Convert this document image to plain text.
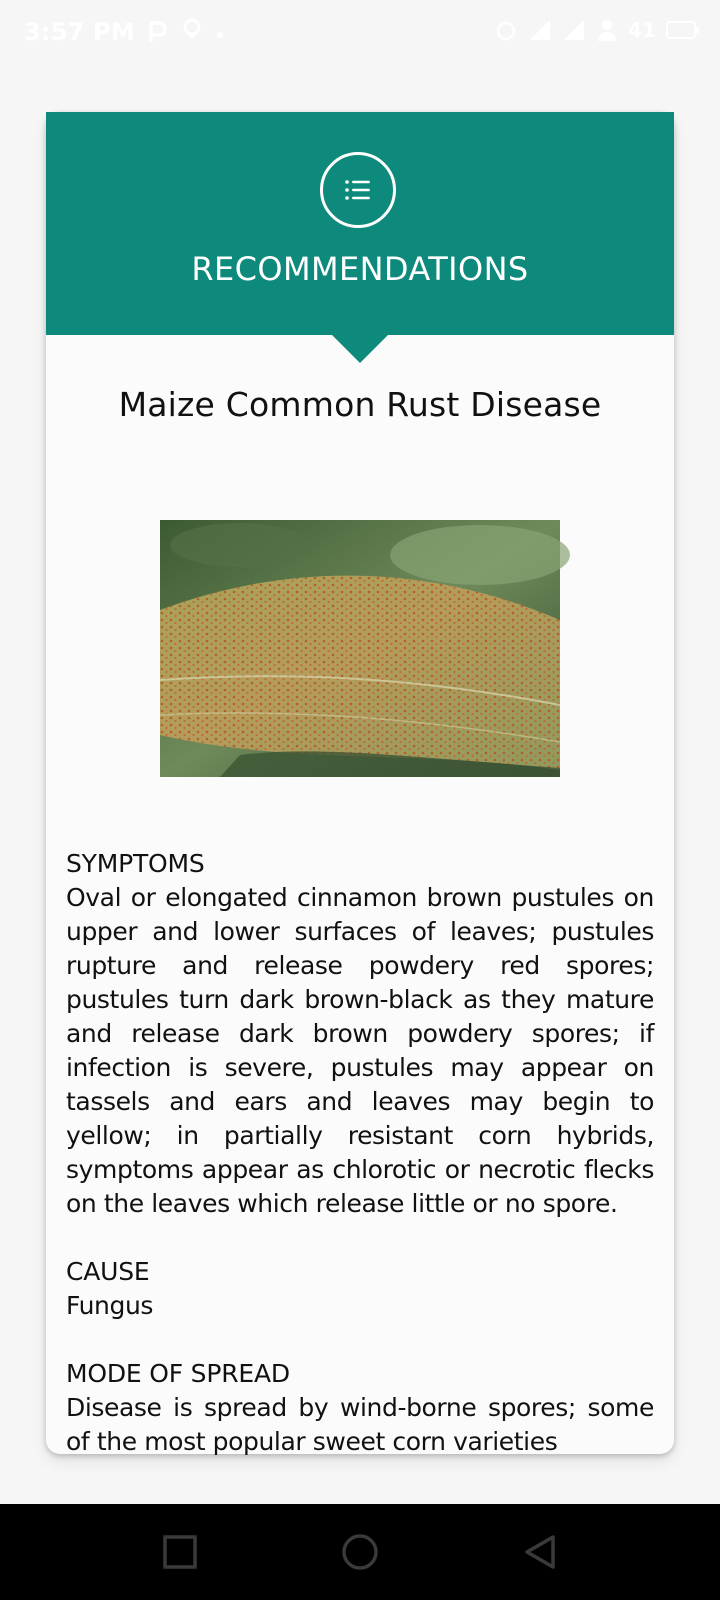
3:57 PM	41
RECOMMENDATIONS
Maize Common Rust Disease
SYMPTOMS
Oval or elongated cinnamon brown pustules on upper and lower surfaces of leaves; pustules rupture and release powdery red spores; pustules turn dark brown-black as they mature and release dark brown powdery spores; if infection is severe, pustules may appear on tassels and ears and leaves may begin to yellow; in partially resistant corn hybrids, symptoms appear as chlorotic or necrotic flecks on the leaves which release little or no spore.
CAUSE
Fungus
MODE OF SPREAD
Disease is spread by wind-borne spores; some of the most popular sweet corn varieties
